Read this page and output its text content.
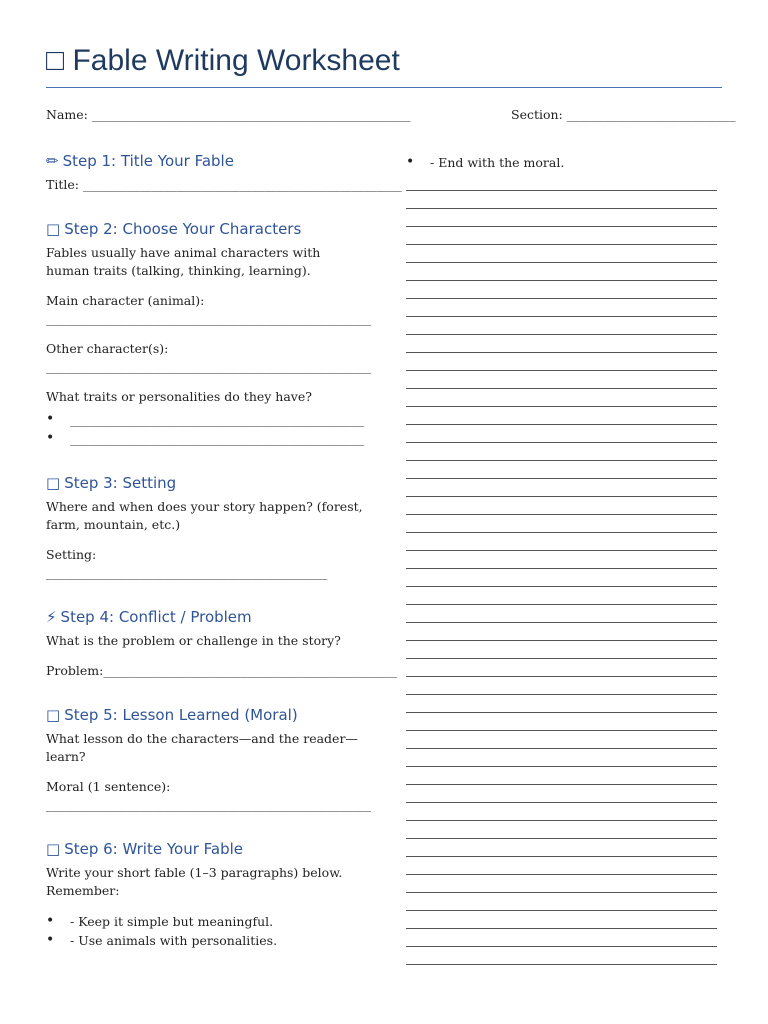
□ Fable Writing Worksheet
Name: ___________________________________________________	Section: ___________________________
✏ Step 1: Title Your Fable

Title: ___________________________________________________

□ Step 2: Choose Your Characters

Fables usually have animal characters with human traits (talking, thinking, learning).

Main character (animal):

____________________________________________________

Other character(s):

____________________________________________________

What traits or personalities do they have?

• _______________________________________________
• _______________________________________________
□ Step 3: Setting

Where and when does your story happen? (forest, farm, mountain, etc.)

Setting:

_____________________________________________

⚡ Step 4: Conflict / Problem

What is the problem or challenge in the story?

Problem:_______________________________________________

□ Step 5: Lesson Learned (Moral)

What lesson do the characters—and the reader—learn?

Moral (1 sentence):

____________________________________________________

□ Step 6: Write Your Fable

Write your short fable (1–3 paragraphs) below. Remember:

• - Keep it simple but meaningful.
• - Use animals with personalities.
• - End with the moral.
